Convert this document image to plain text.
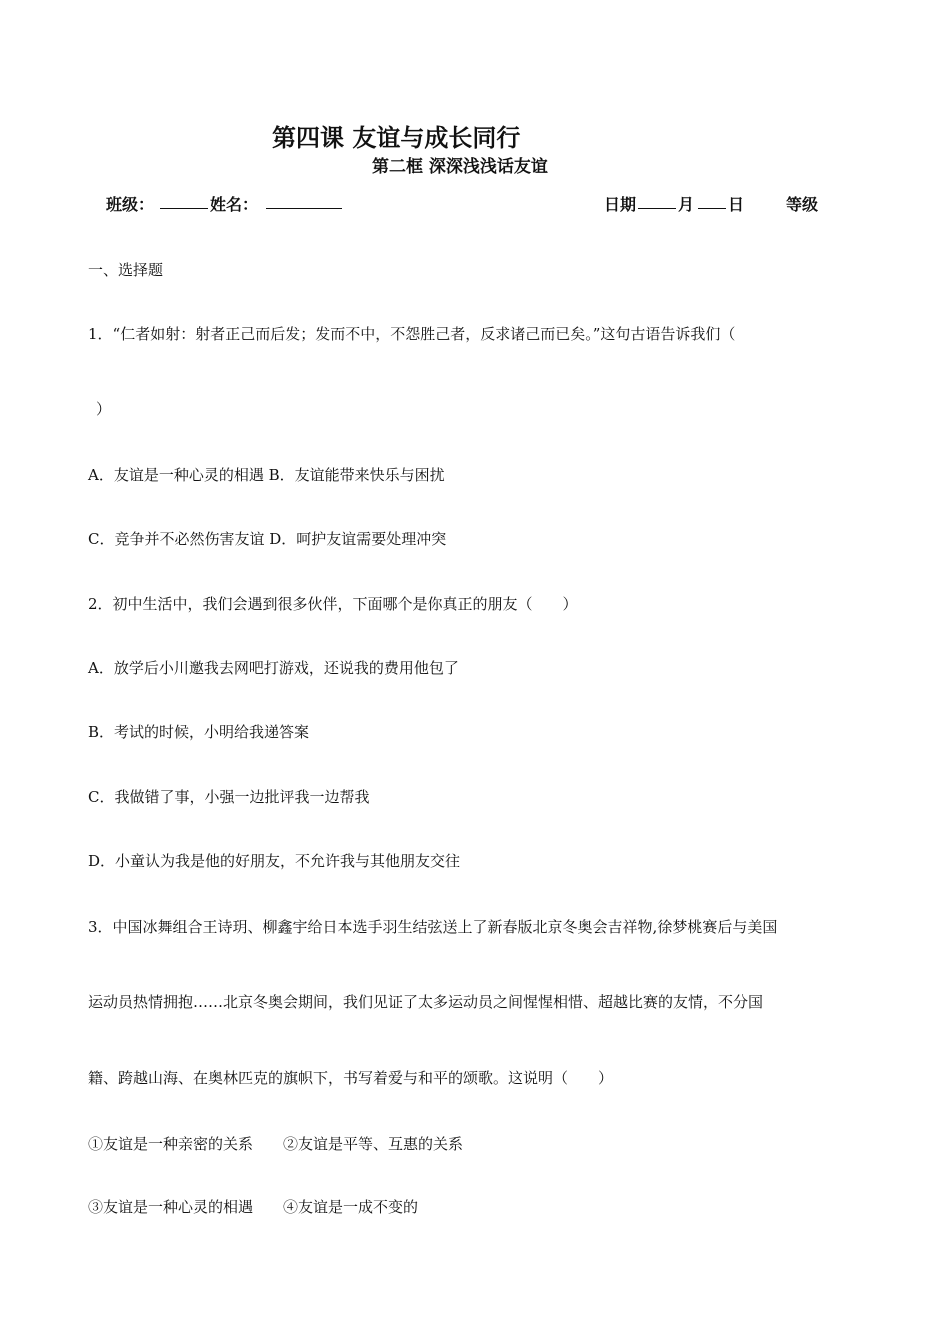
第四课 友谊与成长同行
第二框 深深浅浅话友谊
班级：	姓名：	日期	月 日	等级
一、选择题
1．“仁者如射：射者正己而后发；发而不中，不怨胜己者，反求诸己而已矣。”这句古语告诉我们（
）
A．友谊是一种心灵的相遇 B．友谊能带来快乐与困扰
C．竞争并不必然伤害友谊 D．呵护友谊需要处理冲突
2．初中生活中，我们会遇到很多伙伴，下面哪个是你真正的朋友（　　）
A．放学后小川邀我去网吧打游戏，还说我的费用他包了
B．考试的时候，小明给我递答案
C．我做错了事，小强一边批评我一边帮我
D．小童认为我是他的好朋友，不允许我与其他朋友交往
3．中国冰舞组合王诗玥、柳鑫宇给日本选手羽生结弦送上了新春版北京冬奥会吉祥物,徐梦桃赛后与美国
运动员热情拥抱……北京冬奥会期间，我们见证了太多运动员之间惺惺相惜、超越比赛的友情，不分国
籍、跨越山海、在奥林匹克的旗帜下，书写着爱与和平的颂歌。这说明（　　）
①友谊是一种亲密的关系　　②友谊是平等、互惠的关系
③友谊是一种心灵的相遇　　④友谊是一成不变的
